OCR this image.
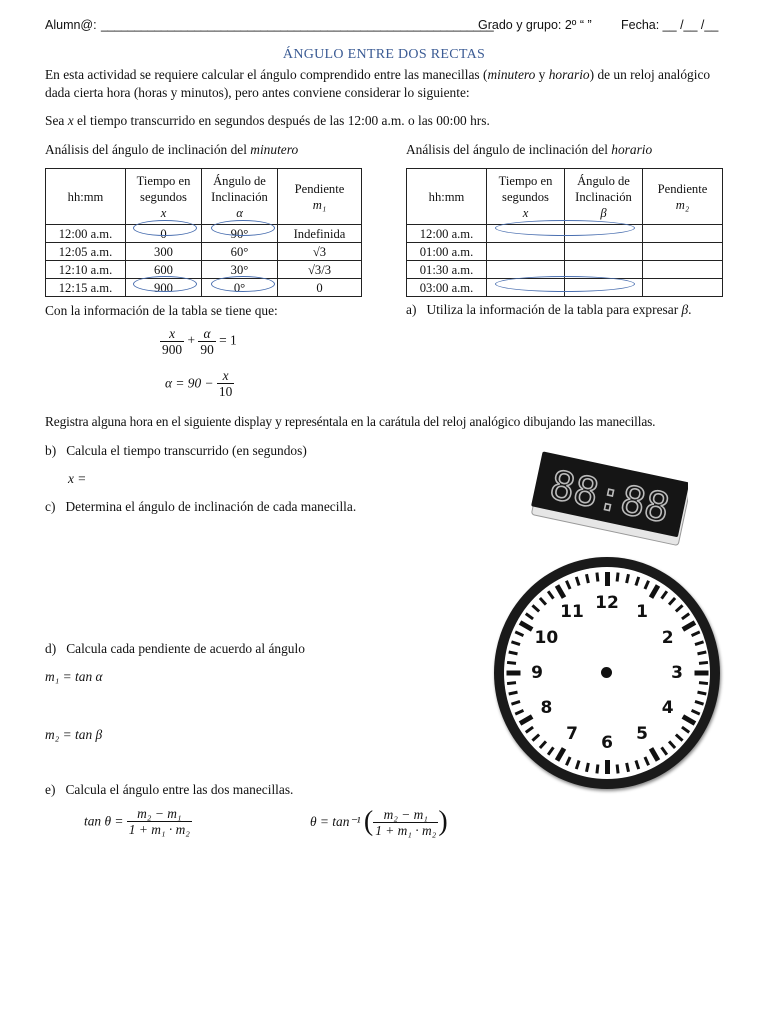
Alumn@: ___________________________________________________________
Grado y grupo: 2º “ ” Fecha: __ /__ /__
ÁNGULO ENTRE DOS RECTAS
En esta actividad se requiere calcular el ángulo comprendido entre las manecillas (minutero y horario) de un reloj analógico dada cierta hora (horas y minutos), pero antes conviene considerar lo siguiente:
Sea x el tiempo transcurrido en segundos después de las 12:00 a.m. o las 00:00 hrs.
Análisis del ángulo de inclinación del minutero
hh:mm	Tiempo en
segundos
x	Ángulo de
Inclinación
α	Pendiente
m₁
12:00 a.m.	0	90°	Indefinida
12:05 a.m.	300	60°	√3
12:10 a.m.	600	30°	√3/3
12:15 a.m.	900	0°	0
Análisis del ángulo de inclinación del horario
hh:mm	Tiempo en
segundos
x	Ángulo de
Inclinación
β	Pendiente
m₂
12:00 a.m.			
01:00 a.m.			
01:30 a.m.			
03:00 a.m.			
Con la información de la tabla se tiene que:
$\frac{x}{900} + \frac{\alpha}{90} = 1$
$\alpha = 90 - \frac{x}{10}$
a) Utiliza la información de la tabla para expresar β.
Registra alguna hora en el siguiente display y represéntala en la carátula del reloj analógico dibujando las manecillas.
b) Calcula el tiempo transcurrido (en segundos)
x =
c) Determina el ángulo de inclinación de cada manecilla.
d) Calcula cada pendiente de acuerdo al ángulo
m₁ = tan α
m₂ = tan β
e) Calcula el ángulo entre las dos manecillas.
$\tan \theta = \frac{\text{m₂ − m₁}}{\text{1 + m₁ · m₂}}$	θ = tan⁻¹ ( $\frac{\text{m₂ − m₁}}{\text{1 + m₁ · m₂}}$ )
88:88
12	1
2
3
4
5
6
7
8
9
10
11
